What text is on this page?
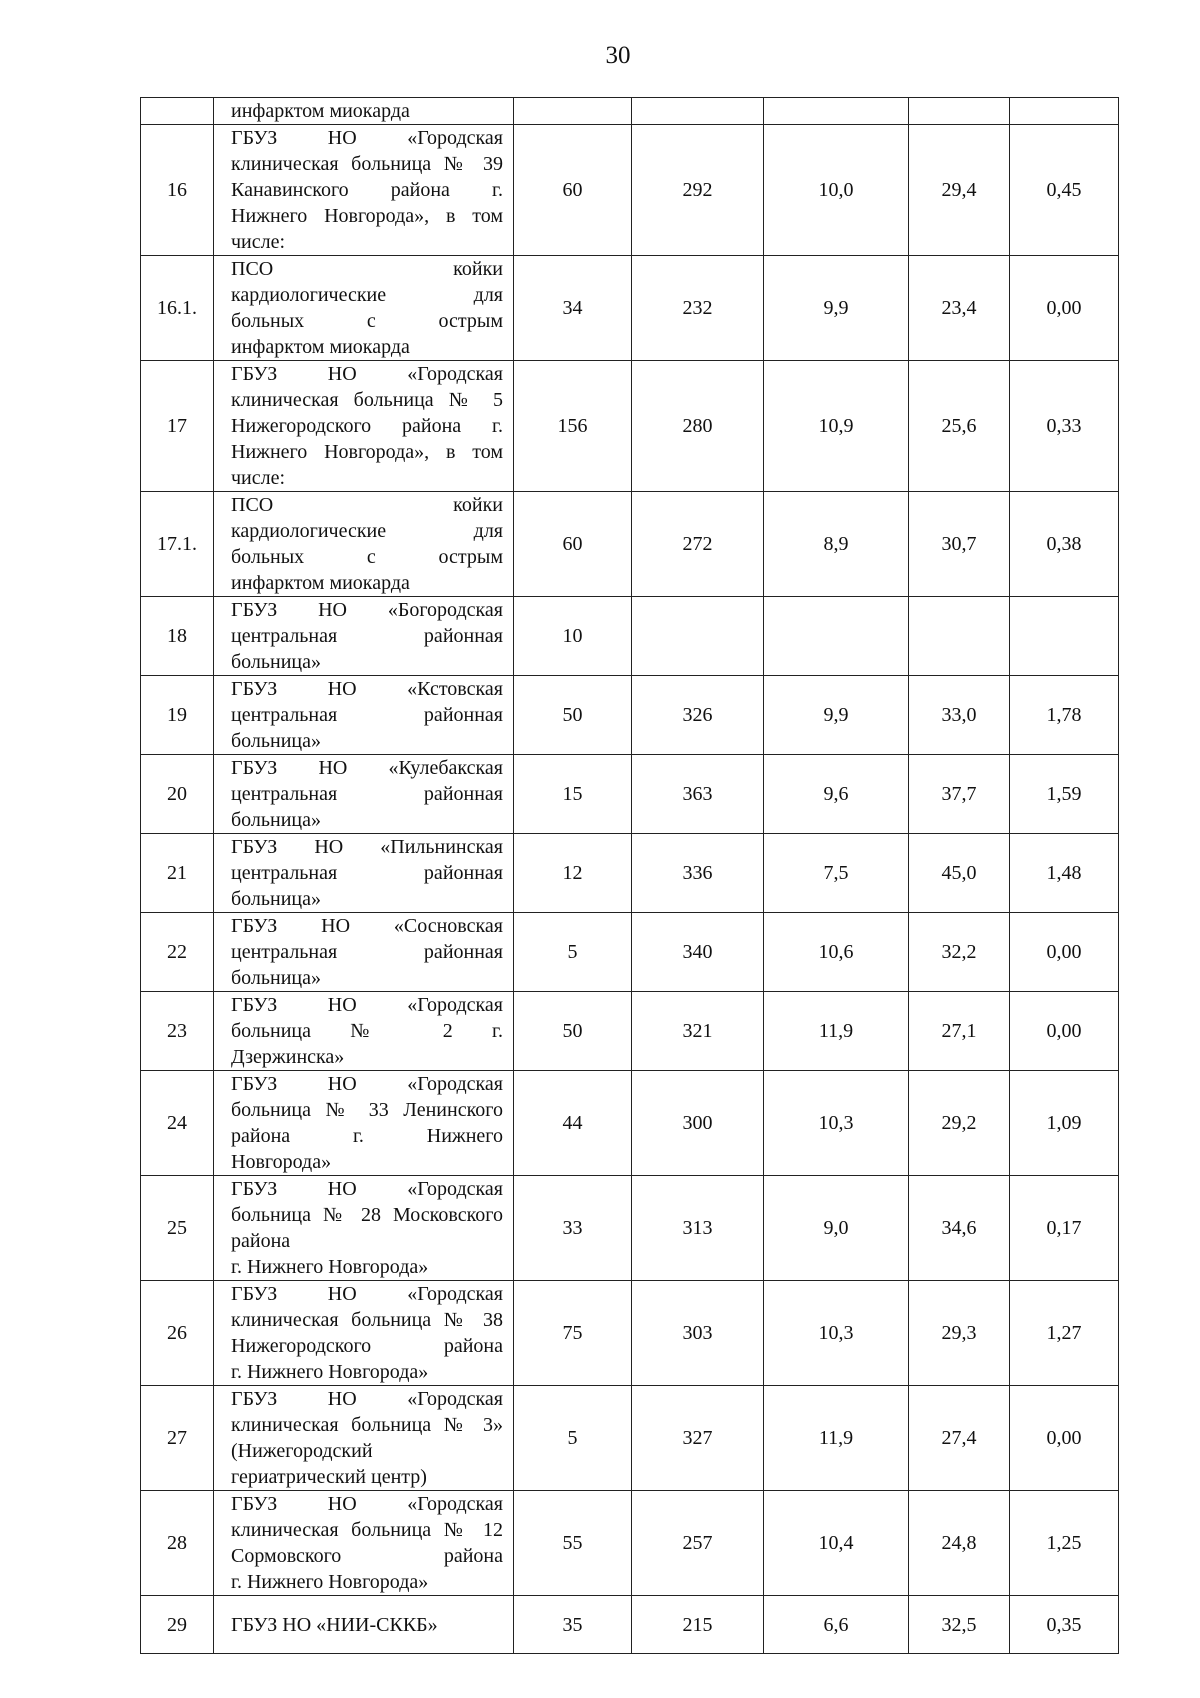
30

	инфарктом миокарда					

16	ГБУЗ НО «Городская
клиническая больница № 39
Канавинского района г.
Нижнего Новгорода», в том
числе:	60	292	10,0	29,4	0,45
16.1.	ПСО койки
кардиологические для
больных с острым
инфарктом миокарда	34	232	9,9	23,4	0,00
17	ГБУЗ НО «Городская
клиническая больница № 5
Нижегородского района г.
Нижнего Новгорода», в том
числе:	156	280	10,9	25,6	0,33
17.1.	ПСО койки
кардиологические для
больных с острым
инфарктом миокарда	60	272	8,9	30,7	0,38
18	ГБУЗ НО «Богородская
центральная районная
больница»	10				
19	ГБУЗ НО «Кстовская
центральная районная
больница»	50	326	9,9	33,0	1,78
20	ГБУЗ НО «Кулебакская
центральная районная
больница»	15	363	9,6	37,7	1,59
21	ГБУЗ НО «Пильнинская
центральная районная
больница»	12	336	7,5	45,0	1,48
22	ГБУЗ НО «Сосновская
центральная районная
больница»	5	340	10,6	32,2	0,00
23	ГБУЗ НО «Городская
больница № 2 г.
Дзержинска»	50	321	11,9	27,1	0,00
24	ГБУЗ НО «Городская
больница № 33 Ленинского
района г. Нижнего
Новгорода»	44	300	10,3	29,2	1,09
25	ГБУЗ НО «Городская
больница № 28 Московского
района
г. Нижнего Новгорода»	33	313	9,0	34,6	0,17
26	ГБУЗ НО «Городская
клиническая больница № 38
Нижегородского района
г. Нижнего Новгорода»	75	303	10,3	29,3	1,27
27	ГБУЗ НО «Городская
клиническая больница № 3»
(Нижегородский
гериатрический центр)	5	327	11,9	27,4	0,00
28	ГБУЗ НО «Городская
клиническая больница № 12
Сормовского района
г. Нижнего Новгорода»	55	257	10,4	24,8	1,25
29	ГБУЗ НО «НИИ-СККБ»	35	215	6,6	32,5	0,35
